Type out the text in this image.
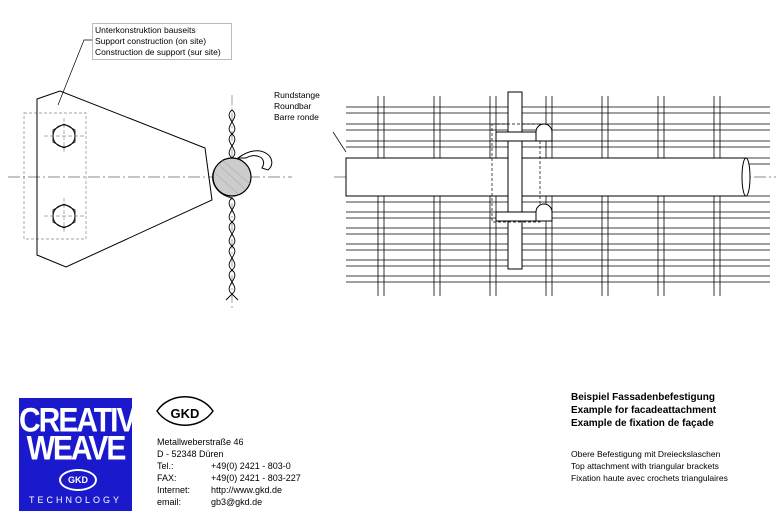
Unterkonstruktion bauseits
Support construction (on site)
Construction de support (sur site)
Rundstange
Roundbar
Barre ronde
CREATIVE
WEAVE
GKD
TECHNOLOGY
GKD
Metallweberstraße 46
D - 52348 Düren
Tel.:	+49(0) 2421 - 803-0
FAX:	+49(0) 2421 - 803-227
Internet:	http://www.gkd.de
email:	gb3@gkd.de
Beispiel Fassadenbefestigung
Example for facadeattachment
Example de fixation de façade
Obere Befestigung mit Dreieckslaschen
Top attachment with triangular brackets
Fixation haute avec crochets triangulaires
